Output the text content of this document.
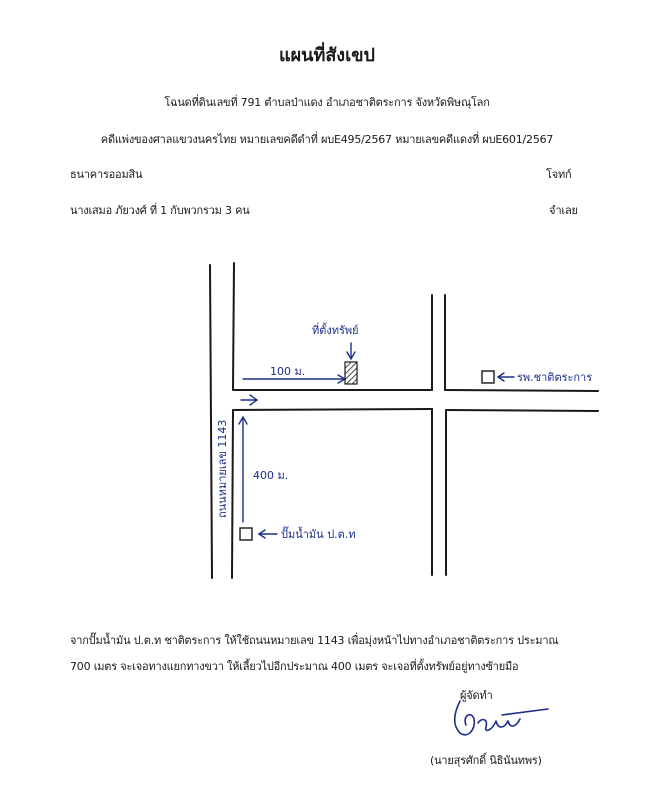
แผนที่สังเขป
โฉนดที่ดินเลขที่ 791 ตำบลป่าแดง อำเภอชาติตระการ จังหวัดพิษณุโลก
คดีแพ่งของศาลแขวงนครไทย หมายเลขคดีดำที่ ผบE495/2567 หมายเลขคดีแดงที่ ผบE601/2567
ธนาคารออมสิน	โจทก์
นางเสมอ ภัยวงศ์ ที่ 1 กับพวกรวม 3 คน	จำเลย
ที่ตั้งทรัพย์
100 ม.
400 ม.
ปั๊มน้ำมัน ป.ต.ท
รพ.ชาติตระการ
ถนนหมายเลข 1143
จากปั๊มน้ำมัน ป.ต.ท ชาติตระการ ให้ใช้ถนนหมายเลข 1143 เพื่อมุ่งหน้าไปทางอำเภอชาติตระการ ประมาณ
700 เมตร จะเจอทางแยกทางขวา ให้เลี้ยวไปอีกประมาณ 400 เมตร จะเจอที่ตั้งทรัพย์อยู่ทางซ้ายมือ
ผู้จัดทำ
(นายสุรศักดิ์ นิธินันทพร)
